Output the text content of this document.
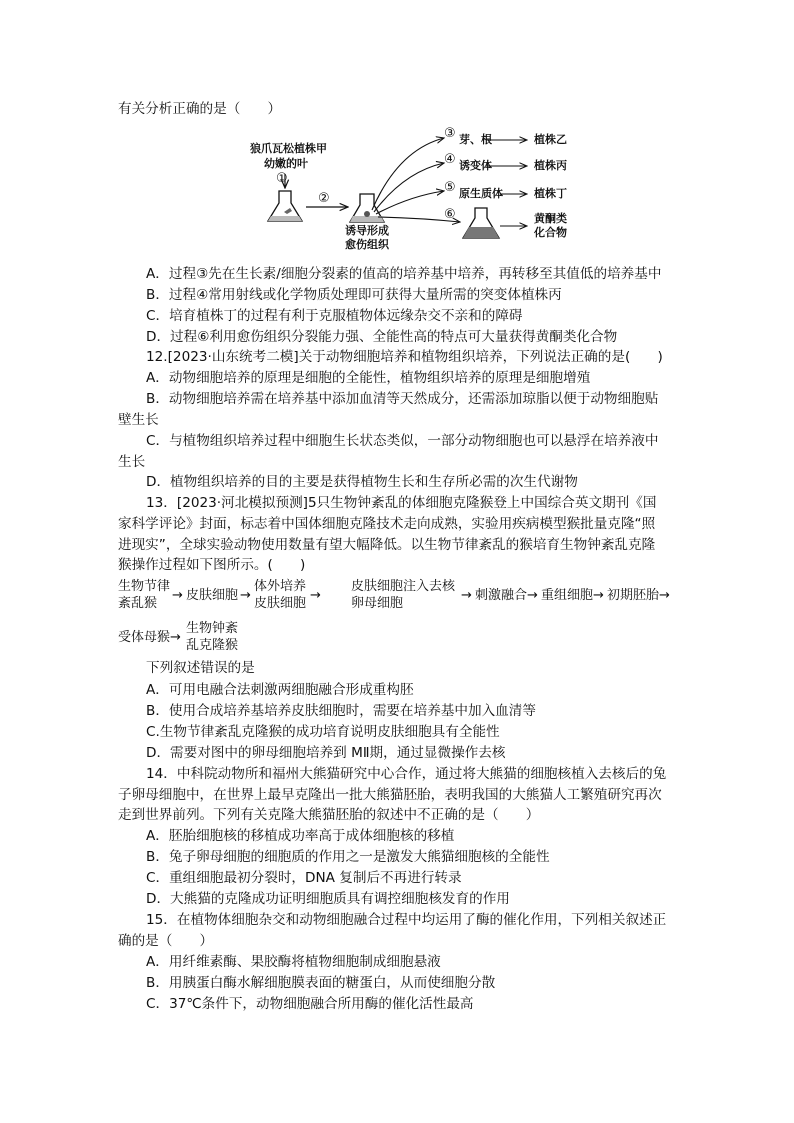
有关分析正确的是（　　）
狼爪瓦松植株甲
幼嫩的叶
①
②
诱导形成
愈伤组织
③
④
⑤
⑥
芽、根
诱变体
原生质体
植株乙
植株丙
植株丁
黄酮类
化合物
A．过程③先在生长素/细胞分裂素的值高的培养基中培养，再转移至其值低的培养基中
B．过程④常用射线或化学物质处理即可获得大量所需的突变体植株丙
C．培育植株丁的过程有利于克服植物体远缘杂交不亲和的障碍
D．过程⑥利用愈伤组织分裂能力强、全能性高的特点可大量获得黄酮类化合物
12.[2023·山东统考二模]关于动物细胞培养和植物组织培养，下列说法正确的是(　　)
A．动物细胞培养的原理是细胞的全能性，植物组织培养的原理是细胞增殖
B．动物细胞培养需在培养基中添加血清等天然成分，还需添加琼脂以便于动物细胞贴
壁生长
C．与植物组织培养过程中细胞生长状态类似，一部分动物细胞也可以悬浮在培养液中
生长
D．植物组织培养的目的主要是获得植物生长和生存所必需的次生代谢物
13．[2023·河北模拟预测]5只生物钟紊乱的体细胞克隆猴登上中国综合英文期刊《国
家科学评论》封面，标志着中国体细胞克隆技术走向成熟，实验用疾病模型猴批量克隆“照
进现实”，全球实验动物使用数量有望大幅降低。以生物节律紊乱的猴培育生物钟紊乱克隆
猴操作过程如下图所示。(　　)
生物节律
紊乱猴
→ 皮肤细胞 →
体外培养
皮肤细胞
→
皮肤细胞注入去核
卵母细胞
→ 刺激融合 → 重组细胞 → 初期胚胎 →
受体母猴 →
生物钟紊
乱克隆猴
下列叙述错误的是
A．可用电融合法刺激两细胞融合形成重构胚
B．使用合成培养基培养皮肤细胞时，需要在培养基中加入血清等
C.生物节律紊乱克隆猴的成功培育说明皮肤细胞具有全能性
D．需要对图中的卵母细胞培养到 MⅡ期，通过显微操作去核
14．中科院动物所和福州大熊猫研究中心合作，通过将大熊猫的细胞核植入去核后的兔
子卵母细胞中，在世界上最早克隆出一批大熊猫胚胎，表明我国的大熊猫人工繁殖研究再次
走到世界前列。下列有关克隆大熊猫胚胎的叙述中不正确的是（　　）
A．胚胎细胞核的移植成功率高于成体细胞核的移植
B．兔子卵母细胞的细胞质的作用之一是激发大熊猫细胞核的全能性
C．重组细胞最初分裂时，DNA 复制后不再进行转录
D．大熊猫的克隆成功证明细胞质具有调控细胞核发育的作用
15．在植物体细胞杂交和动物细胞融合过程中均运用了酶的催化作用，下列相关叙述正
确的是（　　）
A．用纤维素酶、果胶酶将植物细胞制成细胞悬液
B．用胰蛋白酶水解细胞膜表面的糖蛋白，从而使细胞分散
C．37℃条件下，动物细胞融合所用酶的催化活性最高
